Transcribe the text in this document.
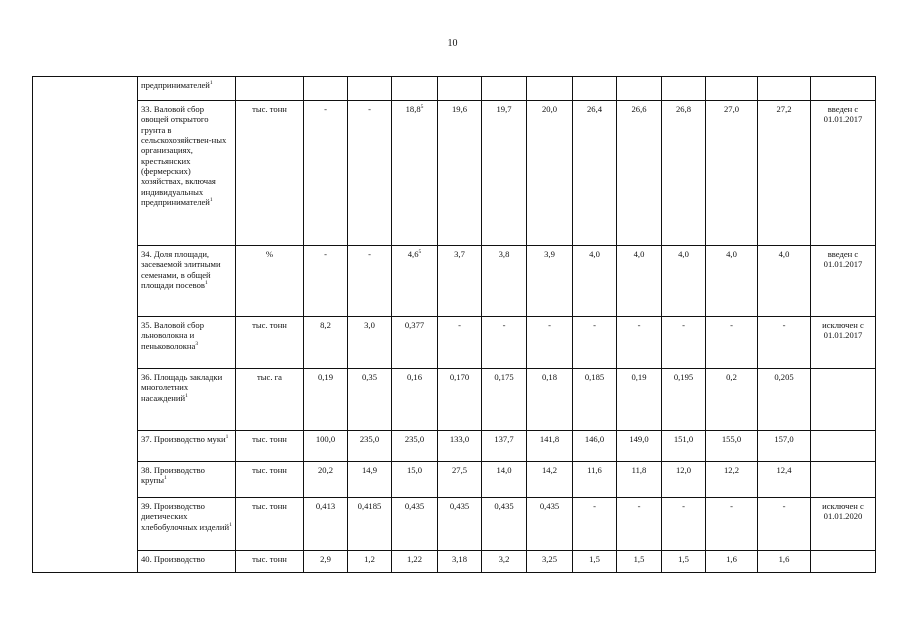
10
	предпринимателей$^1$													
	33. Валовой сбор овощей открытого грунта в сельскохозяйствен-ных организациях, крестьянских (фермерских) хозяйствах, включая индивидуальных предпринимателей$^1$	тыс. тонн	-	-	18,8$^5$	19,6	19,7	20,0	26,4	26,6	26,8	27,0	27,2	введен с 01.01.2017
	34. Доля площади, засеваемой элитными семенами, в общей площади посевов$^1$	%	-	-	$4,6^5$	3,7	3,8	3,9	4,0	4,0	4,0	4,0	4,0	введен с 01.01.2017
	35. Валовой сбор льноволокна и пеньковолокна$^3$	тыс. тонн	8,2	3,0	0,377	-	-	-	-	-	-	-	-	исключен с 01.01.2017
	36. Площадь закладки многолетних насаждений$^1$	тыс. га	0,19	0,35	0,16	0,170	0,175	0,18	0,185	0,19	0,195	0,2	0,205	
	37. Производство муки$^1$	тыс. тонн	100,0	235,0	235,0	133,0	137,7	141,8	146,0	149,0	151,0	155,0	157,0	
	38. Производство крупы$^1$	тыс. тонн	20,2	14,9	15,0	27,5	14,0	14,2	11,6	11,8	12,0	12,2	12,4	
	39. Производство диетических хлебобулочных изделий$^1$	тыс. тонн	0,413	0,4185	0,435	0,435	0,435	0,435	-	-	-	-	-	исключен с 01.01.2020
	40. Производство	тыс. тонн	2,9	1,2	1,22	3,18	3,2	3,25	1,5	1,5	1,5	1,6	1,6	
